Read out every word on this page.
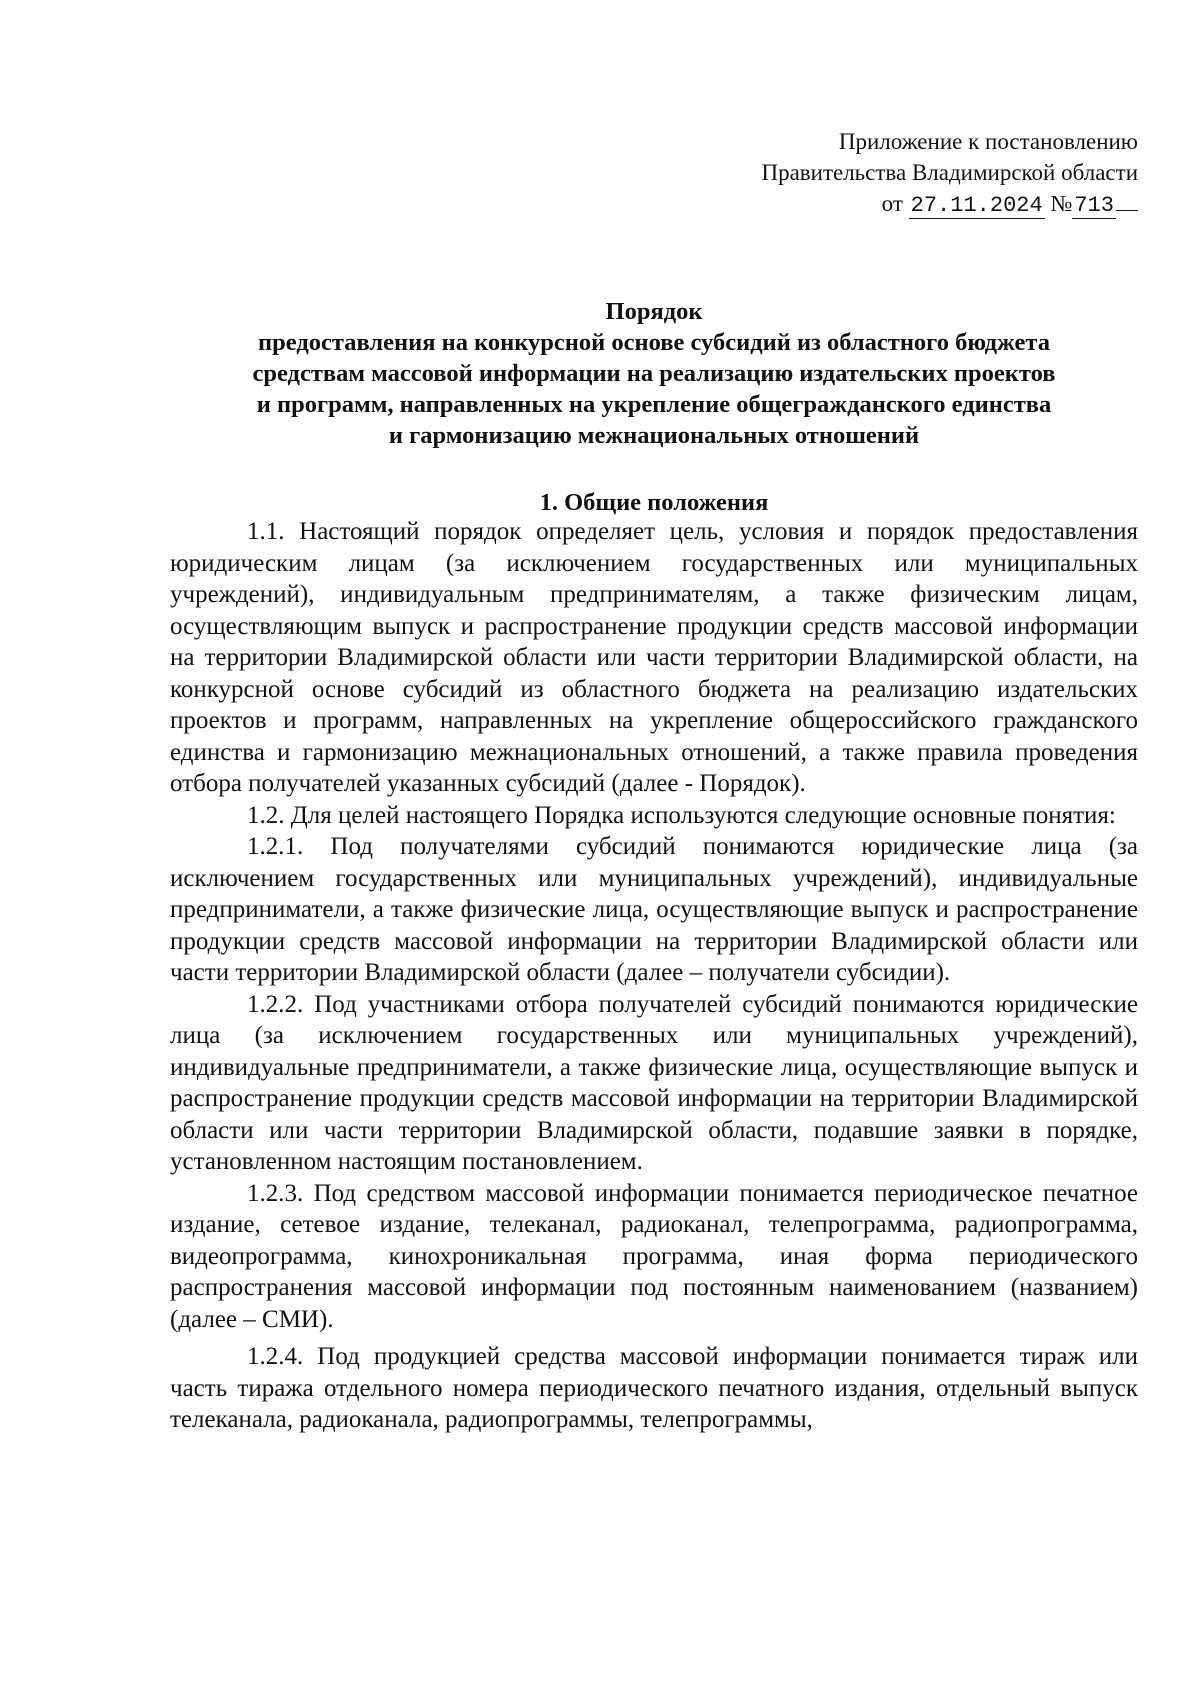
Приложение к постановлению
Правительства Владимирской области
от 27.11.2024 №713
Порядок
предоставления на конкурсной основе субсидий из областного бюджета
средствам массовой информации на реализацию издательских проектов
и программ, направленных на укрепление общегражданского единства
и гармонизацию межнациональных отношений
1. Общие положения

1.1. Настоящий порядок определяет цель, условия и порядок предоставления юридическим лицам (за исключением государственных или муниципальных учреждений), индивидуальным предпринимателям, а также физическим лицам, осуществляющим выпуск и распространение продукции средств массовой информации на территории Владимирской области или части территории Владимирской области, на конкурсной основе субсидий из областного бюджета на реализацию издательских проектов и программ, направленных на укрепление общероссийского гражданского единства и гармонизацию межнациональных отношений, а также правила проведения отбора получателей указанных субсидий (далее - Порядок).

1.2. Для целей настоящего Порядка используются следующие основные понятия:

1.2.1. Под получателями субсидий понимаются юридические лица (за исключением государственных или муниципальных учреждений), индивидуальные предприниматели, а также физические лица, осуществляющие выпуск и распространение продукции средств массовой информации на территории Владимирской области или части территории Владимирской области (далее – получатели субсидии).

1.2.2. Под участниками отбора получателей субсидий понимаются юридические лица (за исключением государственных или муниципальных учреждений), индивидуальные предприниматели, а также физические лица, осуществляющие выпуск и распространение продукции средств массовой информации на территории Владимирской области или части территории Владимирской области, подавшие заявки в порядке, установленном настоящим постановлением.

1.2.3. Под средством массовой информации понимается периодическое печатное издание, сетевое издание, телеканал, радиоканал, телепрограмма, радиопрограмма, видеопрограмма, кинохроникальная программа, иная форма периодического распространения массовой информации под постоянным наименованием (названием) (далее – СМИ).

1.2.4. Под продукцией средства массовой информации понимается тираж или часть тиража отдельного номера периодического печатного издания, отдельный выпуск телеканала, радиоканала, радиопрограммы, телепрограммы,
